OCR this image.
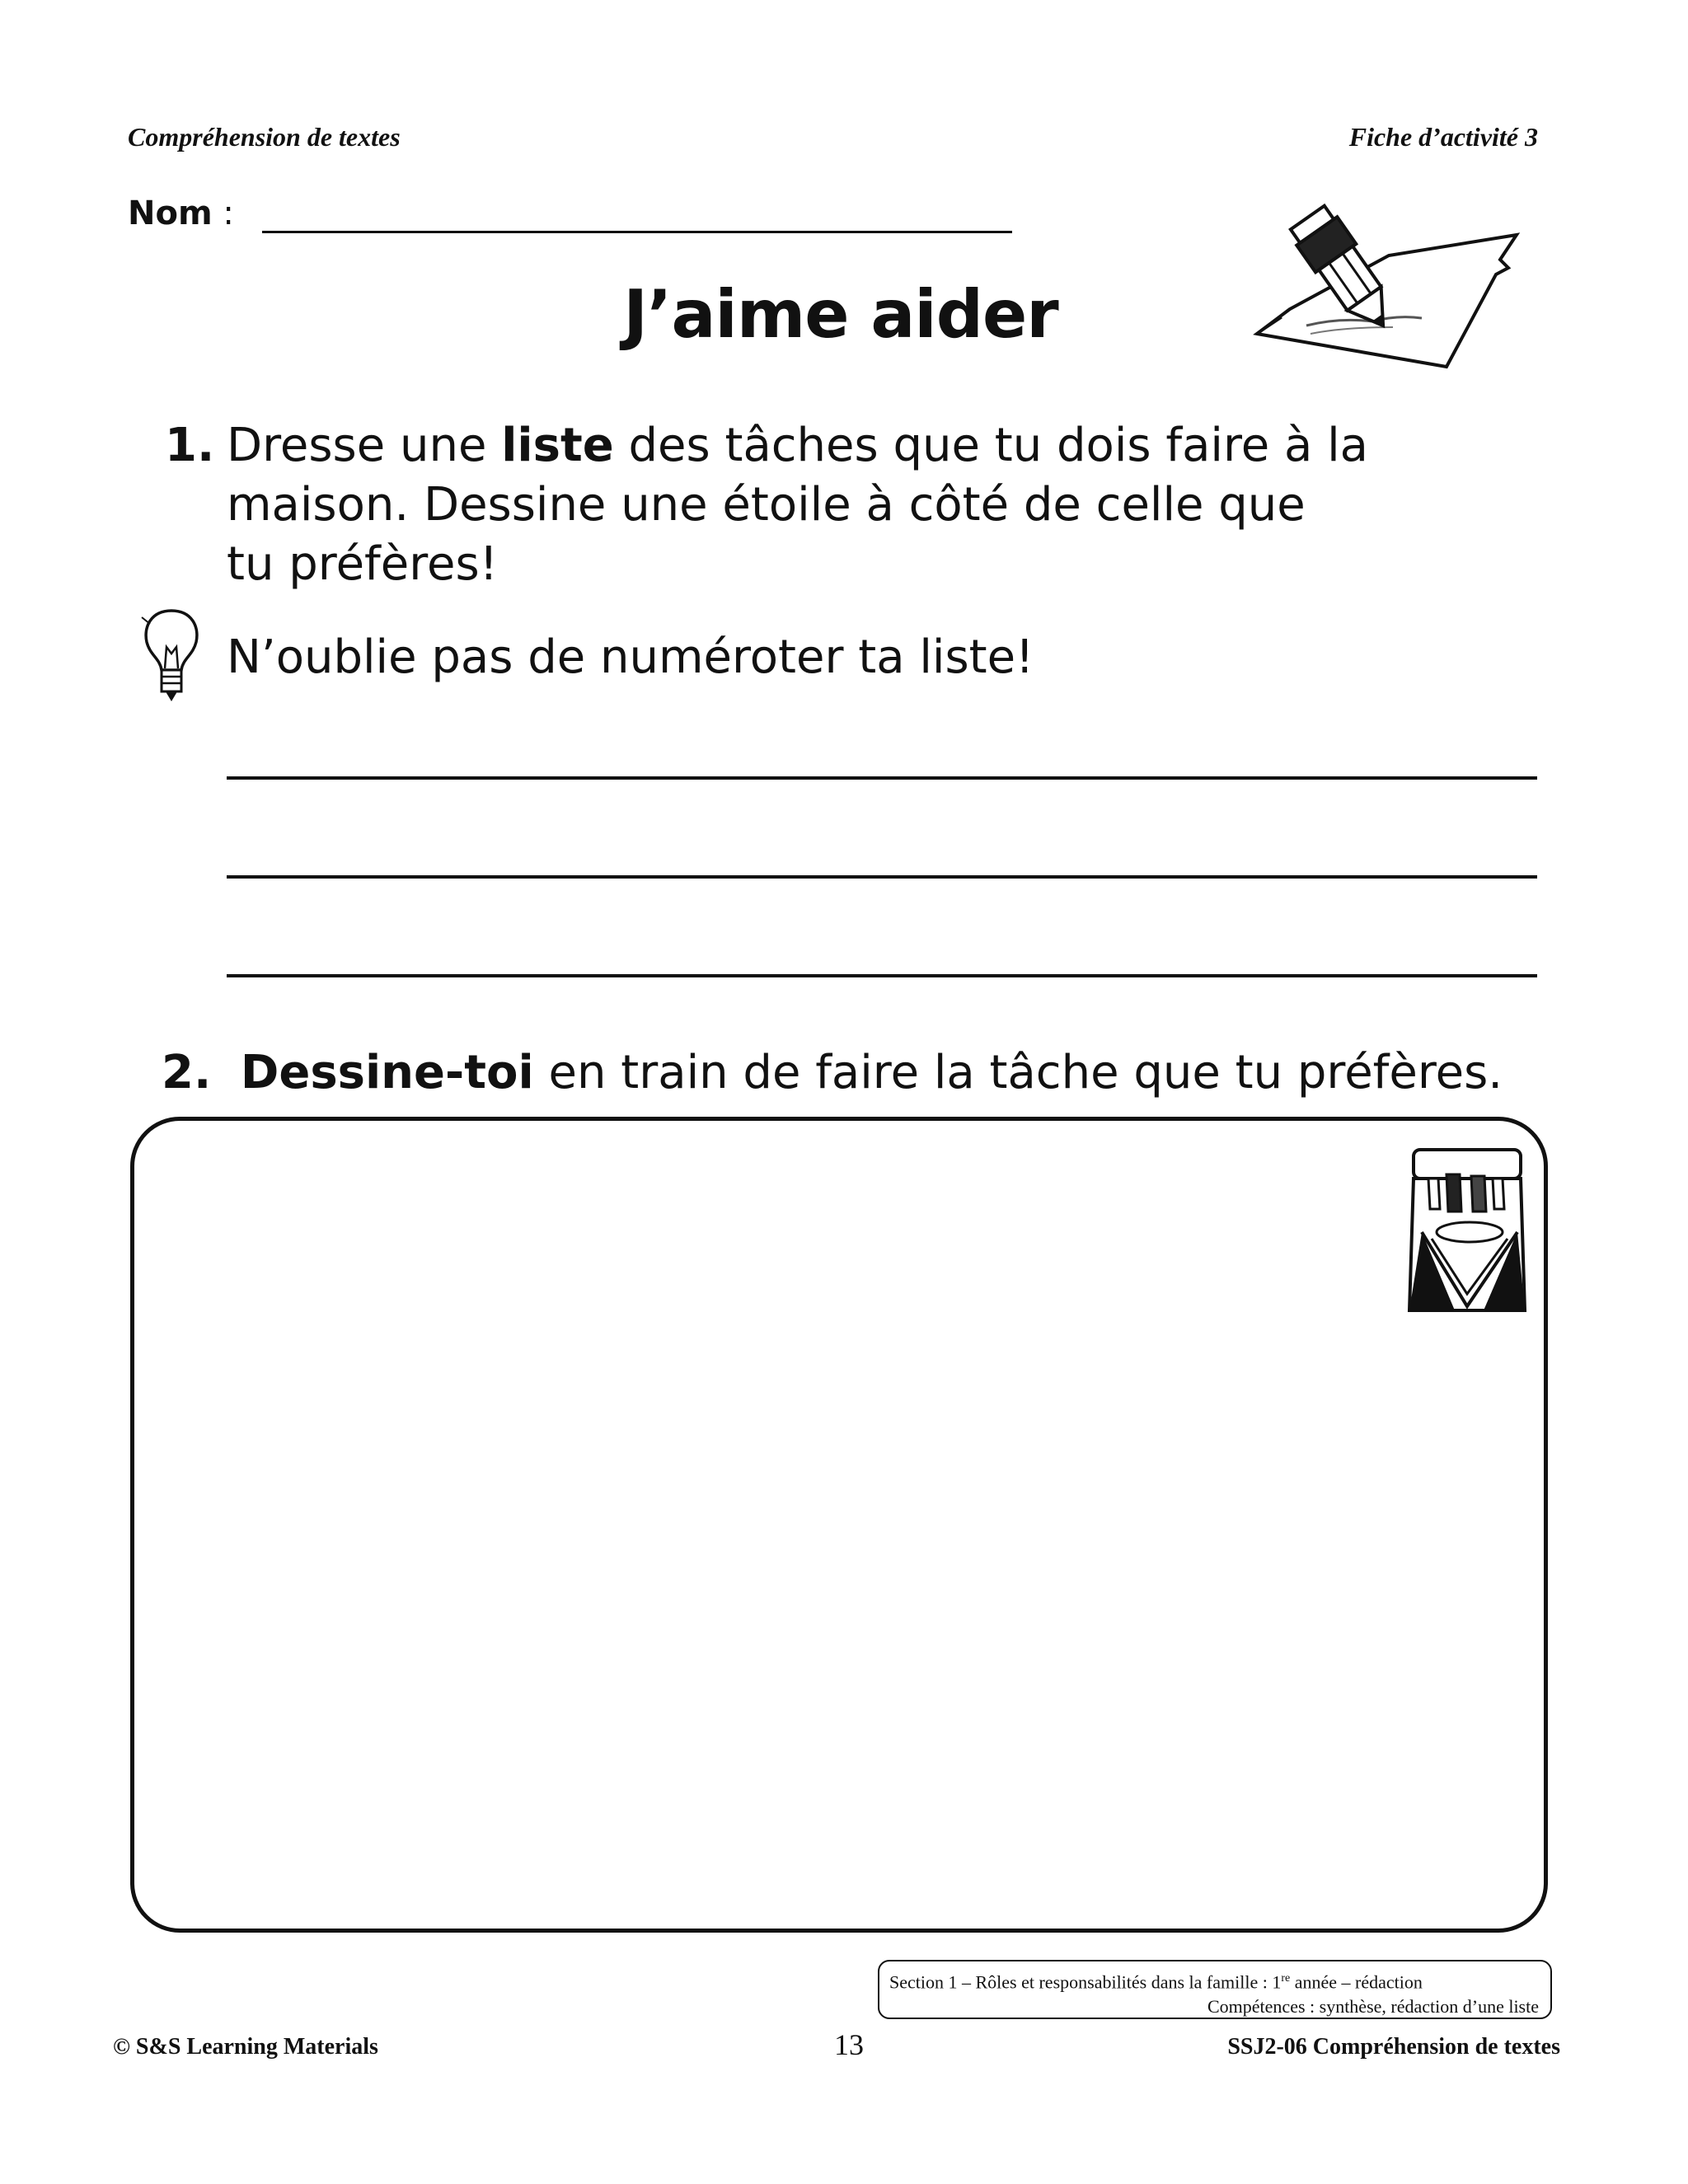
Compréhension de textes	Fiche d’activité 3
Nom :
J’aime aider
1. Dresse une liste des tâches que tu dois faire à la
maison. Dessine une étoile à côté de celle que
tu préfères!
N’oublie pas de numéroter ta liste!
2. Dessine-toi en train de faire la tâche que tu préfères.
Section 1 – Rôles et responsabilités dans la famille : 1re année – rédaction
Compétences : synthèse, rédaction d’une liste
© S&S Learning Materials	13	SSJ2-06 Compréhension de textes
